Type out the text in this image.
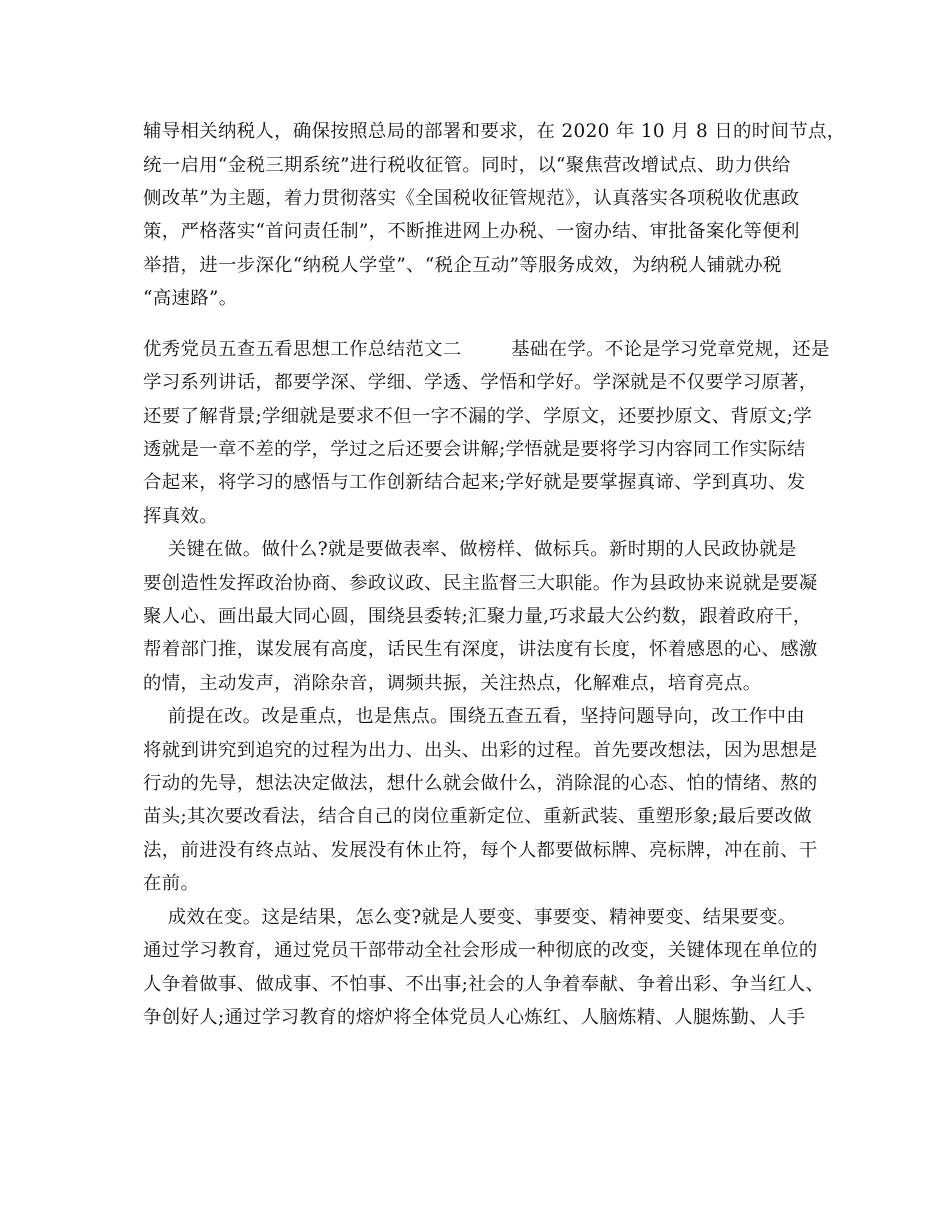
辅导相关纳税人，确保按照总局的部署和要求，在 2020 年 10 月 8 日的时间节点，
统一启用“金税三期系统”进行税收征管。同时，以“聚焦营改增试点、助力供给
侧改革”为主题，着力贯彻落实《全国税收征管规范》，认真落实各项税收优惠政
策，严格落实“首问责任制”，不断推进网上办税、一窗办结、审批备案化等便利
举措，进一步深化“纳税人学堂”、“税企互动”等服务成效，为纳税人铺就办税
“高速路”。
优秀党员五查五看思想工作总结范文二        基础在学。不论是学习党章党规，还是
学习系列讲话，都要学深、学细、学透、学悟和学好。学深就是不仅要学习原著，
还要了解背景;学细就是要求不但一字不漏的学、学原文，还要抄原文、背原文;学
透就是一章不差的学，学过之后还要会讲解;学悟就是要将学习内容同工作实际结
合起来，将学习的感悟与工作创新结合起来;学好就是要掌握真谛、学到真功、发
挥真效。
关键在做。做什么?就是要做表率、做榜样、做标兵。新时期的人民政协就是
要创造性发挥政治协商、参政议政、民主监督三大职能。作为县政协来说就是要凝
聚人心、画出最大同心圆，围绕县委转;汇聚力量,巧求最大公约数，跟着政府干，
帮着部门推，谋发展有高度，话民生有深度，讲法度有长度，怀着感恩的心、感激
的情，主动发声，消除杂音，调频共振，关注热点，化解难点，培育亮点。
前提在改。改是重点，也是焦点。围绕五查五看，坚持问题导向，改工作中由
将就到讲究到追究的过程为出力、出头、出彩的过程。首先要改想法，因为思想是
行动的先导，想法决定做法，想什么就会做什么，消除混的心态、怕的情绪、熬的
苗头;其次要改看法，结合自己的岗位重新定位、重新武装、重塑形象;最后要改做
法，前进没有终点站、发展没有休止符，每个人都要做标牌、亮标牌，冲在前、干
在前。
成效在变。这是结果，怎么变?就是人要变、事要变、精神要变、结果要变。
通过学习教育，通过党员干部带动全社会形成一种彻底的改变，关键体现在单位的
人争着做事、做成事、不怕事、不出事;社会的人争着奉献、争着出彩、争当红人、
争创好人;通过学习教育的熔炉将全体党员人心炼红、人脑炼精、人腿炼勤、人手
